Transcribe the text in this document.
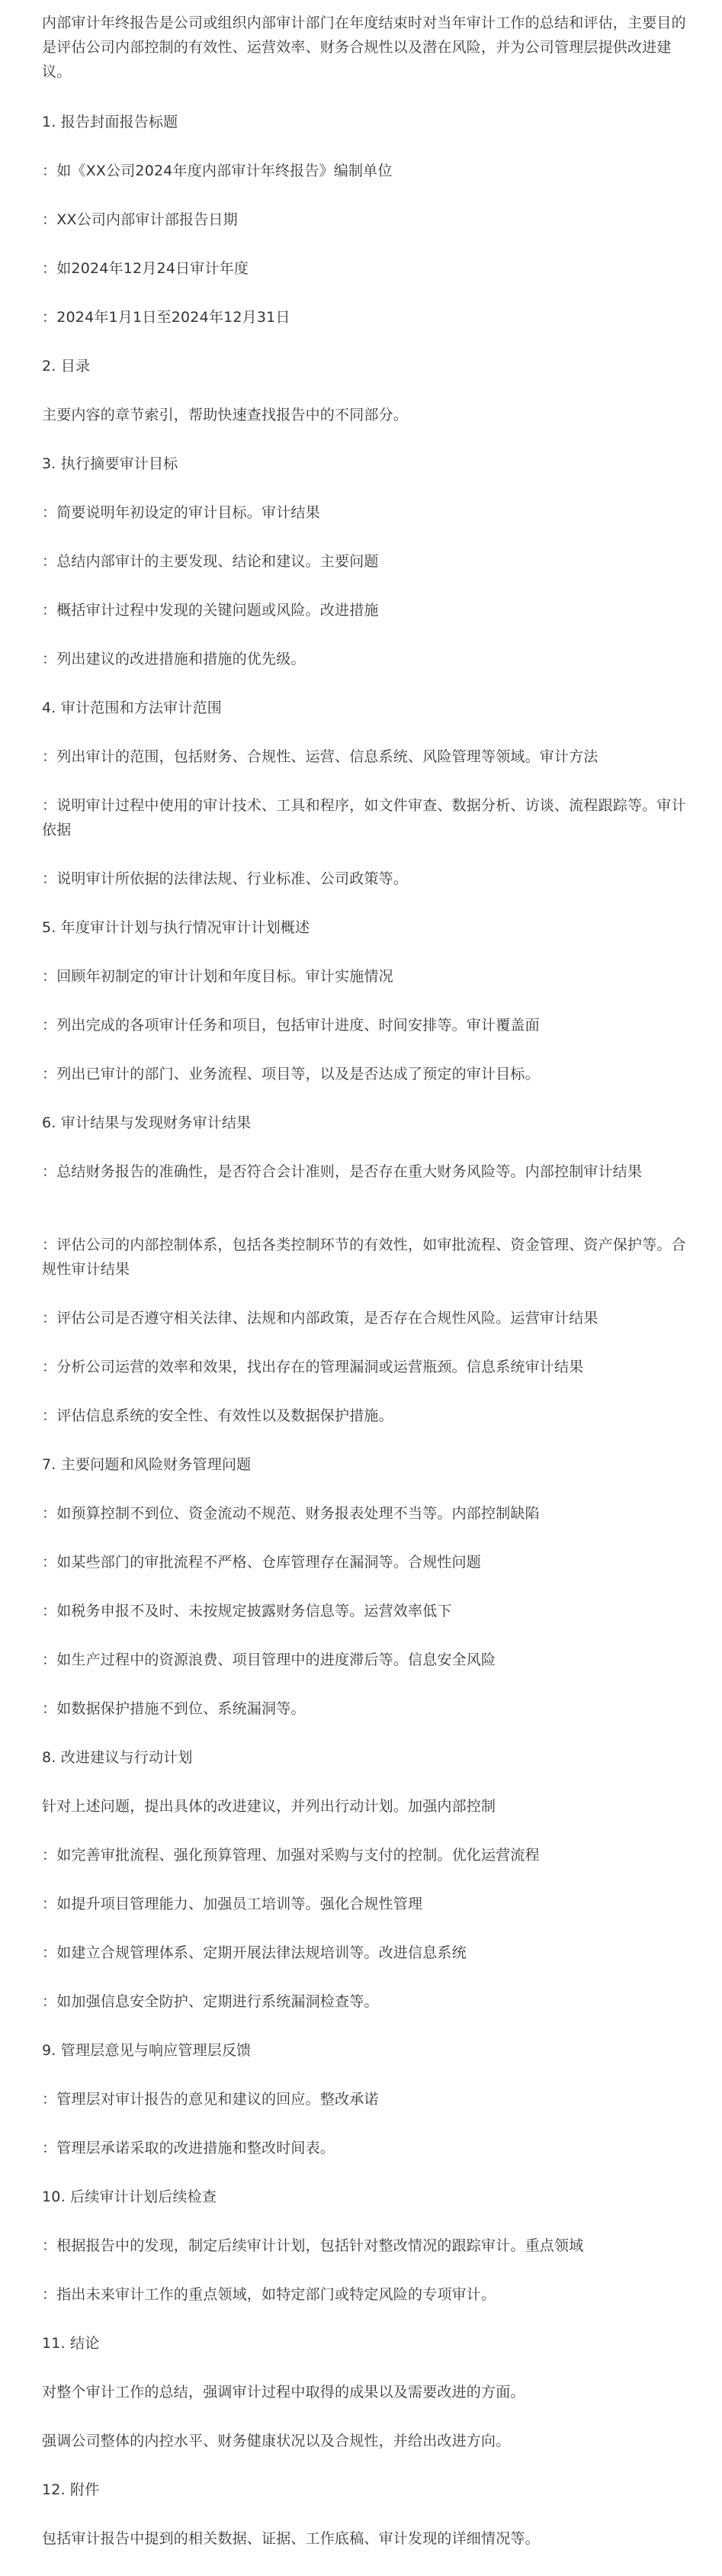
内部审计年终报告是公司或组织内部审计部门在年度结束时对当年审计工作的总结和评估，主要目的是评估公司内部控制的有效性、运营效率、财务合规性以及潜在风险，并为公司管理层提供改进建议。

1. 报告封面报告标题

：如《XX公司2024年度内部审计年终报告》编制单位

：XX公司内部审计部报告日期

：如2024年12月24日审计年度

：2024年1月1日至2024年12月31日

2. 目录

主要内容的章节索引，帮助快速查找报告中的不同部分。

3. 执行摘要审计目标

：简要说明年初设定的审计目标。审计结果

：总结内部审计的主要发现、结论和建议。主要问题

：概括审计过程中发现的关键问题或风险。改进措施

：列出建议的改进措施和措施的优先级。

4. 审计范围和方法审计范围

：列出审计的范围，包括财务、合规性、运营、信息系统、风险管理等领域。审计方法

：说明审计过程中使用的审计技术、工具和程序，如文件审查、数据分析、访谈、流程跟踪等。审计依据

：说明审计所依据的法律法规、行业标准、公司政策等。

5. 年度审计计划与执行情况审计计划概述

：回顾年初制定的审计计划和年度目标。审计实施情况

：列出完成的各项审计任务和项目，包括审计进度、时间安排等。审计覆盖面

：列出已审计的部门、业务流程、项目等，以及是否达成了预定的审计目标。

6. 审计结果与发现财务审计结果

：总结财务报告的准确性，是否符合会计准则，是否存在重大财务风险等。内部控制审计结果

：评估公司的内部控制体系，包括各类控制环节的有效性，如审批流程、资金管理、资产保护等。合规性审计结果

：评估公司是否遵守相关法律、法规和内部政策，是否存在合规性风险。运营审计结果

：分析公司运营的效率和效果，找出存在的管理漏洞或运营瓶颈。信息系统审计结果

：评估信息系统的安全性、有效性以及数据保护措施。

7. 主要问题和风险财务管理问题

：如预算控制不到位、资金流动不规范、财务报表处理不当等。内部控制缺陷

：如某些部门的审批流程不严格、仓库管理存在漏洞等。合规性问题

：如税务申报不及时、未按规定披露财务信息等。运营效率低下

：如生产过程中的资源浪费、项目管理中的进度滞后等。信息安全风险

：如数据保护措施不到位、系统漏洞等。

8. 改进建议与行动计划

针对上述问题，提出具体的改进建议，并列出行动计划。加强内部控制

：如完善审批流程、强化预算管理、加强对采购与支付的控制。优化运营流程

：如提升项目管理能力、加强员工培训等。强化合规性管理

：如建立合规管理体系、定期开展法律法规培训等。改进信息系统

：如加强信息安全防护、定期进行系统漏洞检查等。

9. 管理层意见与响应管理层反馈

：管理层对审计报告的意见和建议的回应。整改承诺

：管理层承诺采取的改进措施和整改时间表。

10. 后续审计计划后续检查

：根据报告中的发现，制定后续审计计划，包括针对整改情况的跟踪审计。重点领域

：指出未来审计工作的重点领域，如特定部门或特定风险的专项审计。

11. 结论

对整个审计工作的总结，强调审计过程中取得的成果以及需要改进的方面。

强调公司整体的内控水平、财务健康状况以及合规性，并给出改进方向。

12. 附件

包括审计报告中提到的相关数据、证据、工作底稿、审计发现的详细情况等。
